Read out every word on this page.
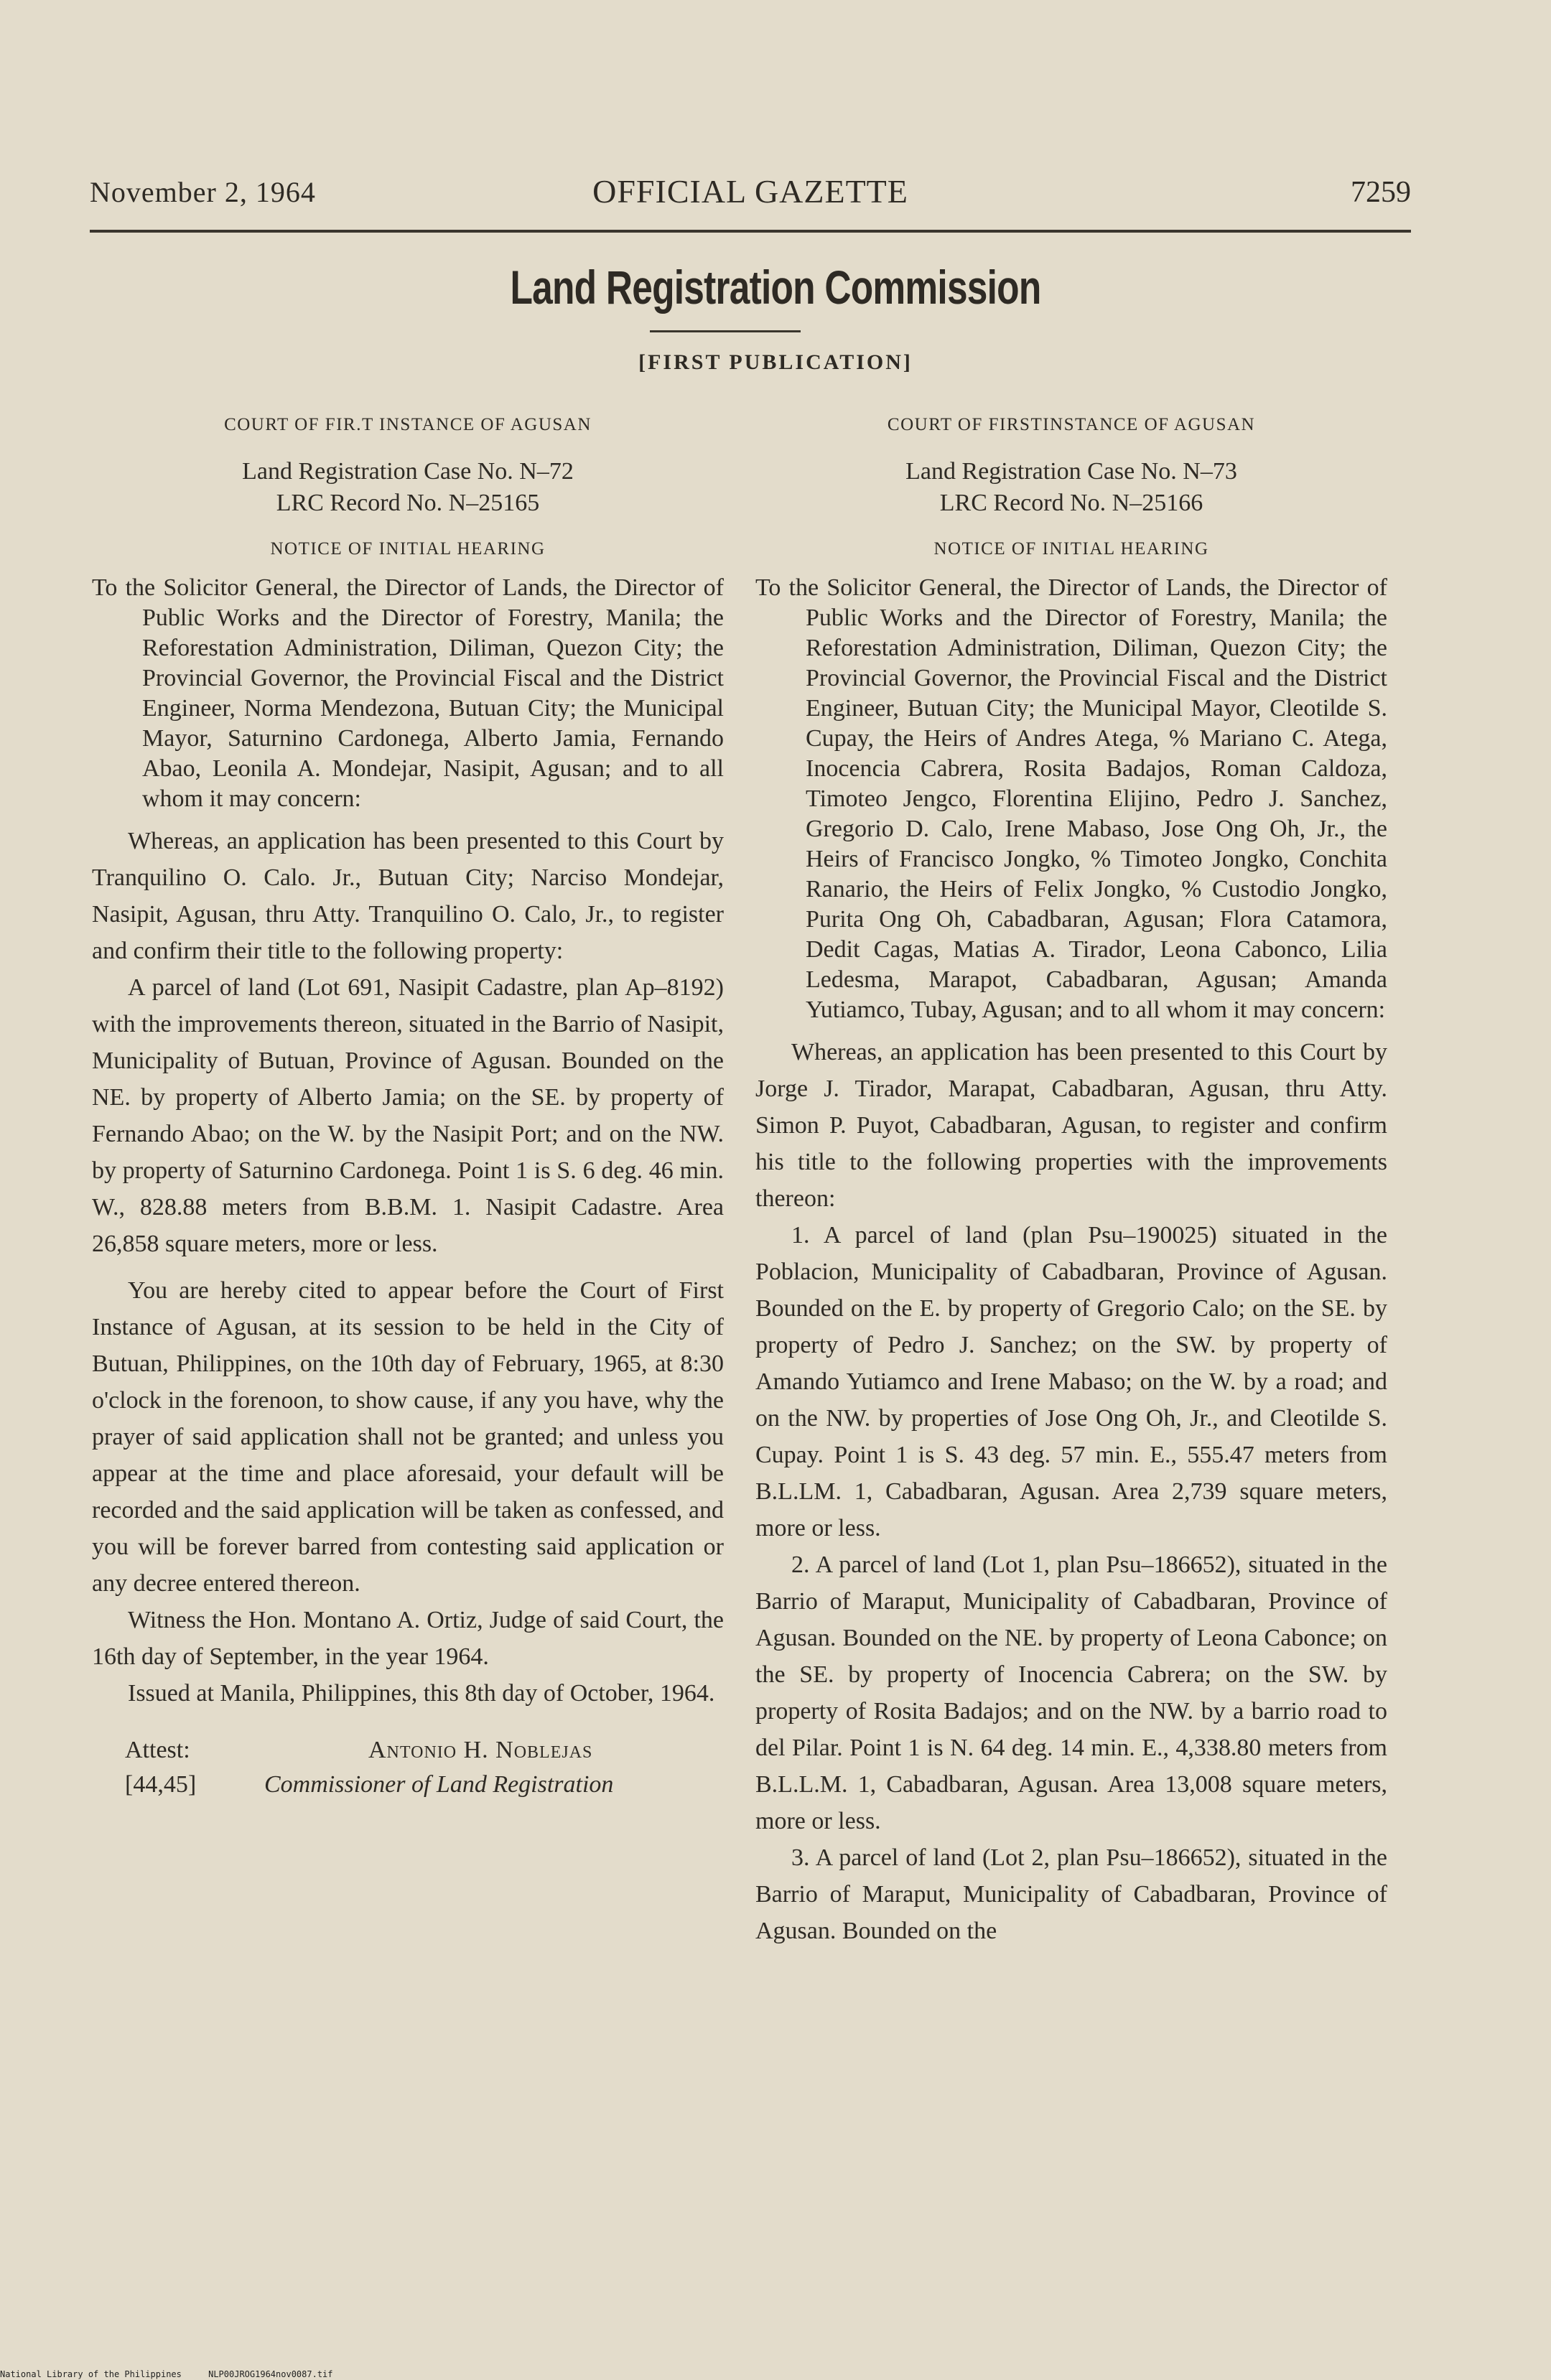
November 2, 1964	OFFICIAL GAZETTE	7259
Land Registration Commission
[FIRST PUBLICATION]
COURT OF FIR.T INSTANCE OF AGUSAN

Land Registration Case No. N–72

LRC Record No. N–25165

NOTICE OF INITIAL HEARING

To the Solicitor General, the Director of Lands, the Director of Public Works and the Director of Forestry, Manila; the Reforestation Administration, Diliman, Quezon City; the Provincial Governor, the Provincial Fiscal and the District Engineer, Norma Mendezona, Butuan City; the Municipal Mayor, Saturnino Cardonega, Alberto Jamia, Fernando Abao, Leonila A. Mondejar, Nasipit, Agusan; and to all whom it may concern:

Whereas, an application has been presented to this Court by Tranquilino O. Calo. Jr., Butuan City; Narciso Mondejar, Nasipit, Agusan, thru Atty. Tranquilino O. Calo, Jr., to register and confirm their title to the following property:

A parcel of land (Lot 691, Nasipit Cadastre, plan Ap–8192) with the improvements thereon, situated in the Barrio of Nasipit, Municipality of Butuan, Province of Agusan. Bounded on the NE. by property of Alberto Jamia; on the SE. by property of Fernando Abao; on the W. by the Nasipit Port; and on the NW. by property of Saturnino Cardonega. Point 1 is S. 6 deg. 46 min. W., 828.88 meters from B.B.M. 1. Nasipit Cadastre. Area 26,858 square meters, more or less.

You are hereby cited to appear before the Court of First Instance of Agusan, at its session to be held in the City of Butuan, Philippines, on the 10th day of February, 1965, at 8:30 o'clock in the forenoon, to show cause, if any you have, why the prayer of said application shall not be granted; and unless you appear at the time and place aforesaid, your default will be recorded and the said application will be taken as confessed, and you will be forever barred from contesting said application or any decree entered thereon.

Witness the Hon. Montano A. Ortiz, Judge of said Court, the 16th day of September, in the year 1964.

Issued at Manila, Philippines, this 8th day of October, 1964.

Attest:	Antonio H. Noblejas
[44,45]	Commissioner of Land Registration
COURT OF FIRSTINSTANCE OF AGUSAN

Land Registration Case No. N–73

LRC Record No. N–25166

NOTICE OF INITIAL HEARING

To the Solicitor General, the Director of Lands, the Director of Public Works and the Director of Forestry, Manila; the Reforestation Administration, Diliman, Quezon City; the Provincial Governor, the Provincial Fiscal and the District Engineer, Butuan City; the Municipal Mayor, Cleotilde S. Cupay, the Heirs of Andres Atega, % Mariano C. Atega, Inocencia Cabrera, Rosita Badajos, Roman Caldoza, Timoteo Jengco, Florentina Elijino, Pedro J. Sanchez, Gregorio D. Calo, Irene Mabaso, Jose Ong Oh, Jr., the Heirs of Francisco Jongko, % Timoteo Jongko, Conchita Ranario, the Heirs of Felix Jongko, % Custodio Jongko, Purita Ong Oh, Cabadbaran, Agusan; Flora Catamora, Dedit Cagas, Matias A. Tirador, Leona Cabonco, Lilia Ledesma, Marapot, Cabadbaran, Agusan; Amanda Yutiamco, Tubay, Agusan; and to all whom it may concern:

Whereas, an application has been presented to this Court by Jorge J. Tirador, Marapat, Cabadbaran, Agusan, thru Atty. Simon P. Puyot, Cabadbaran, Agusan, to register and confirm his title to the following properties with the improvements thereon:

1. A parcel of land (plan Psu–190025) situated in the Poblacion, Municipality of Cabadbaran, Province of Agusan. Bounded on the E. by property of Gregorio Calo; on the SE. by property of Pedro J. Sanchez; on the SW. by property of Amando Yutiamco and Irene Mabaso; on the W. by a road; and on the NW. by properties of Jose Ong Oh, Jr., and Cleotilde S. Cupay. Point 1 is S. 43 deg. 57 min. E., 555.47 meters from B.L.LM. 1, Cabadbaran, Agusan. Area 2,739 square meters, more or less.

2. A parcel of land (Lot 1, plan Psu–186652), situated in the Barrio of Maraput, Municipality of Cabadbaran, Province of Agusan. Bounded on the NE. by property of Leona Cabonce; on the SE. by property of Inocencia Cabrera; on the SW. by property of Rosita Badajos; and on the NW. by a barrio road to del Pilar. Point 1 is N. 64 deg. 14 min. E., 4,338.80 meters from B.L.L.M. 1, Cabadbaran, Agusan. Area 13,008 square meters, more or less.

3. A parcel of land (Lot 2, plan Psu–186652), situated in the Barrio of Maraput, Municipality of Cabadbaran, Province of Agusan. Bounded on the

National Library of the Philippines	NLP00JROG1964nov0087.tif
